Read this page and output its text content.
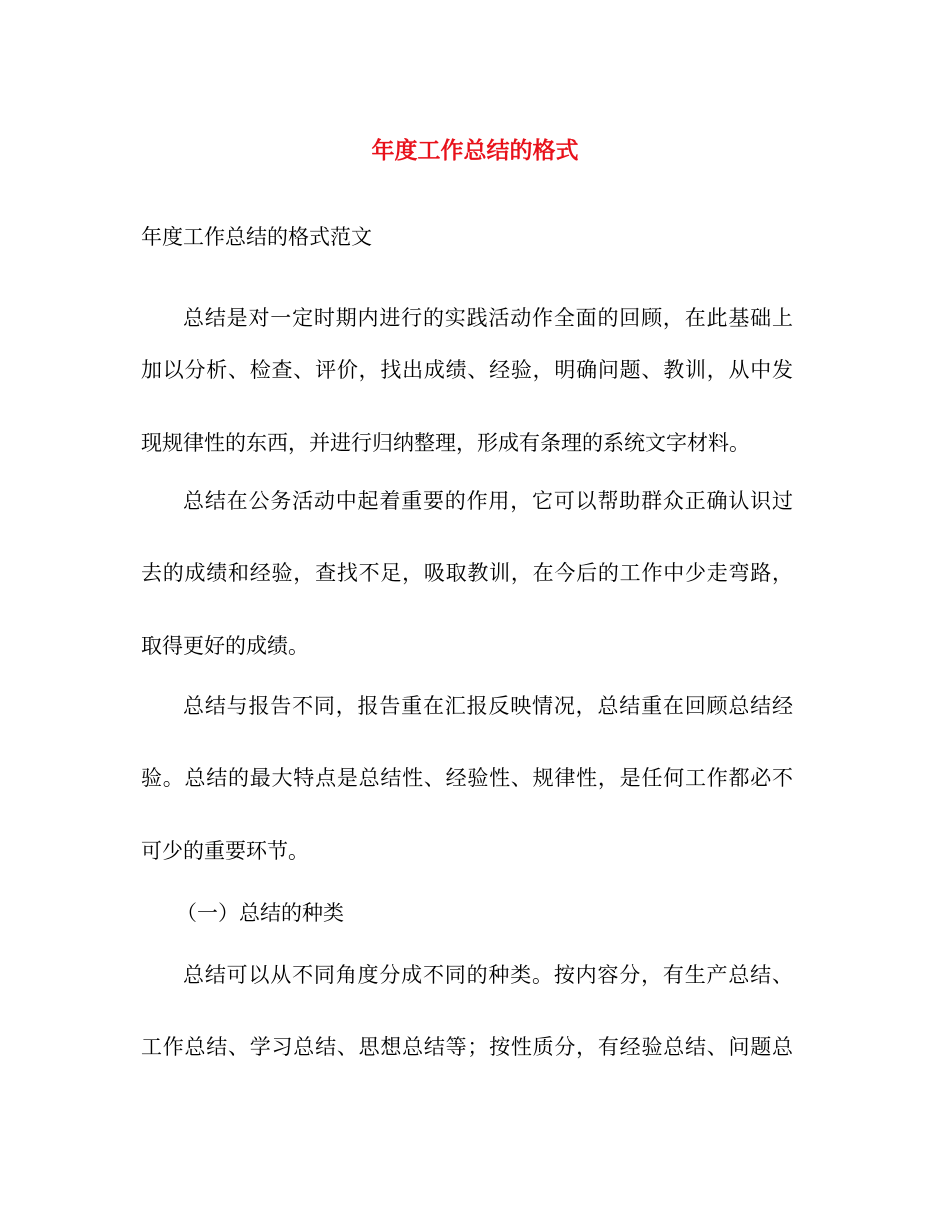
年度工作总结的格式
年度工作总结的格式范文
总结是对一定时期内进行的实践活动作全面的回顾，在此基础上
加以分析、检查、评价，找出成绩、经验，明确问题、教训，从中发
现规律性的东西，并进行归纳整理，形成有条理的系统文字材料。
总结在公务活动中起着重要的作用，它可以帮助群众正确认识过
去的成绩和经验，查找不足，吸取教训，在今后的工作中少走弯路，
取得更好的成绩。
总结与报告不同，报告重在汇报反映情况，总结重在回顾总结经
验。总结的最大特点是总结性、经验性、规律性，是任何工作都必不
可少的重要环节。
（一）总结的种类
总结可以从不同角度分成不同的种类。按内容分，有生产总结、
工作总结、学习总结、思想总结等；按性质分，有经验总结、问题总
